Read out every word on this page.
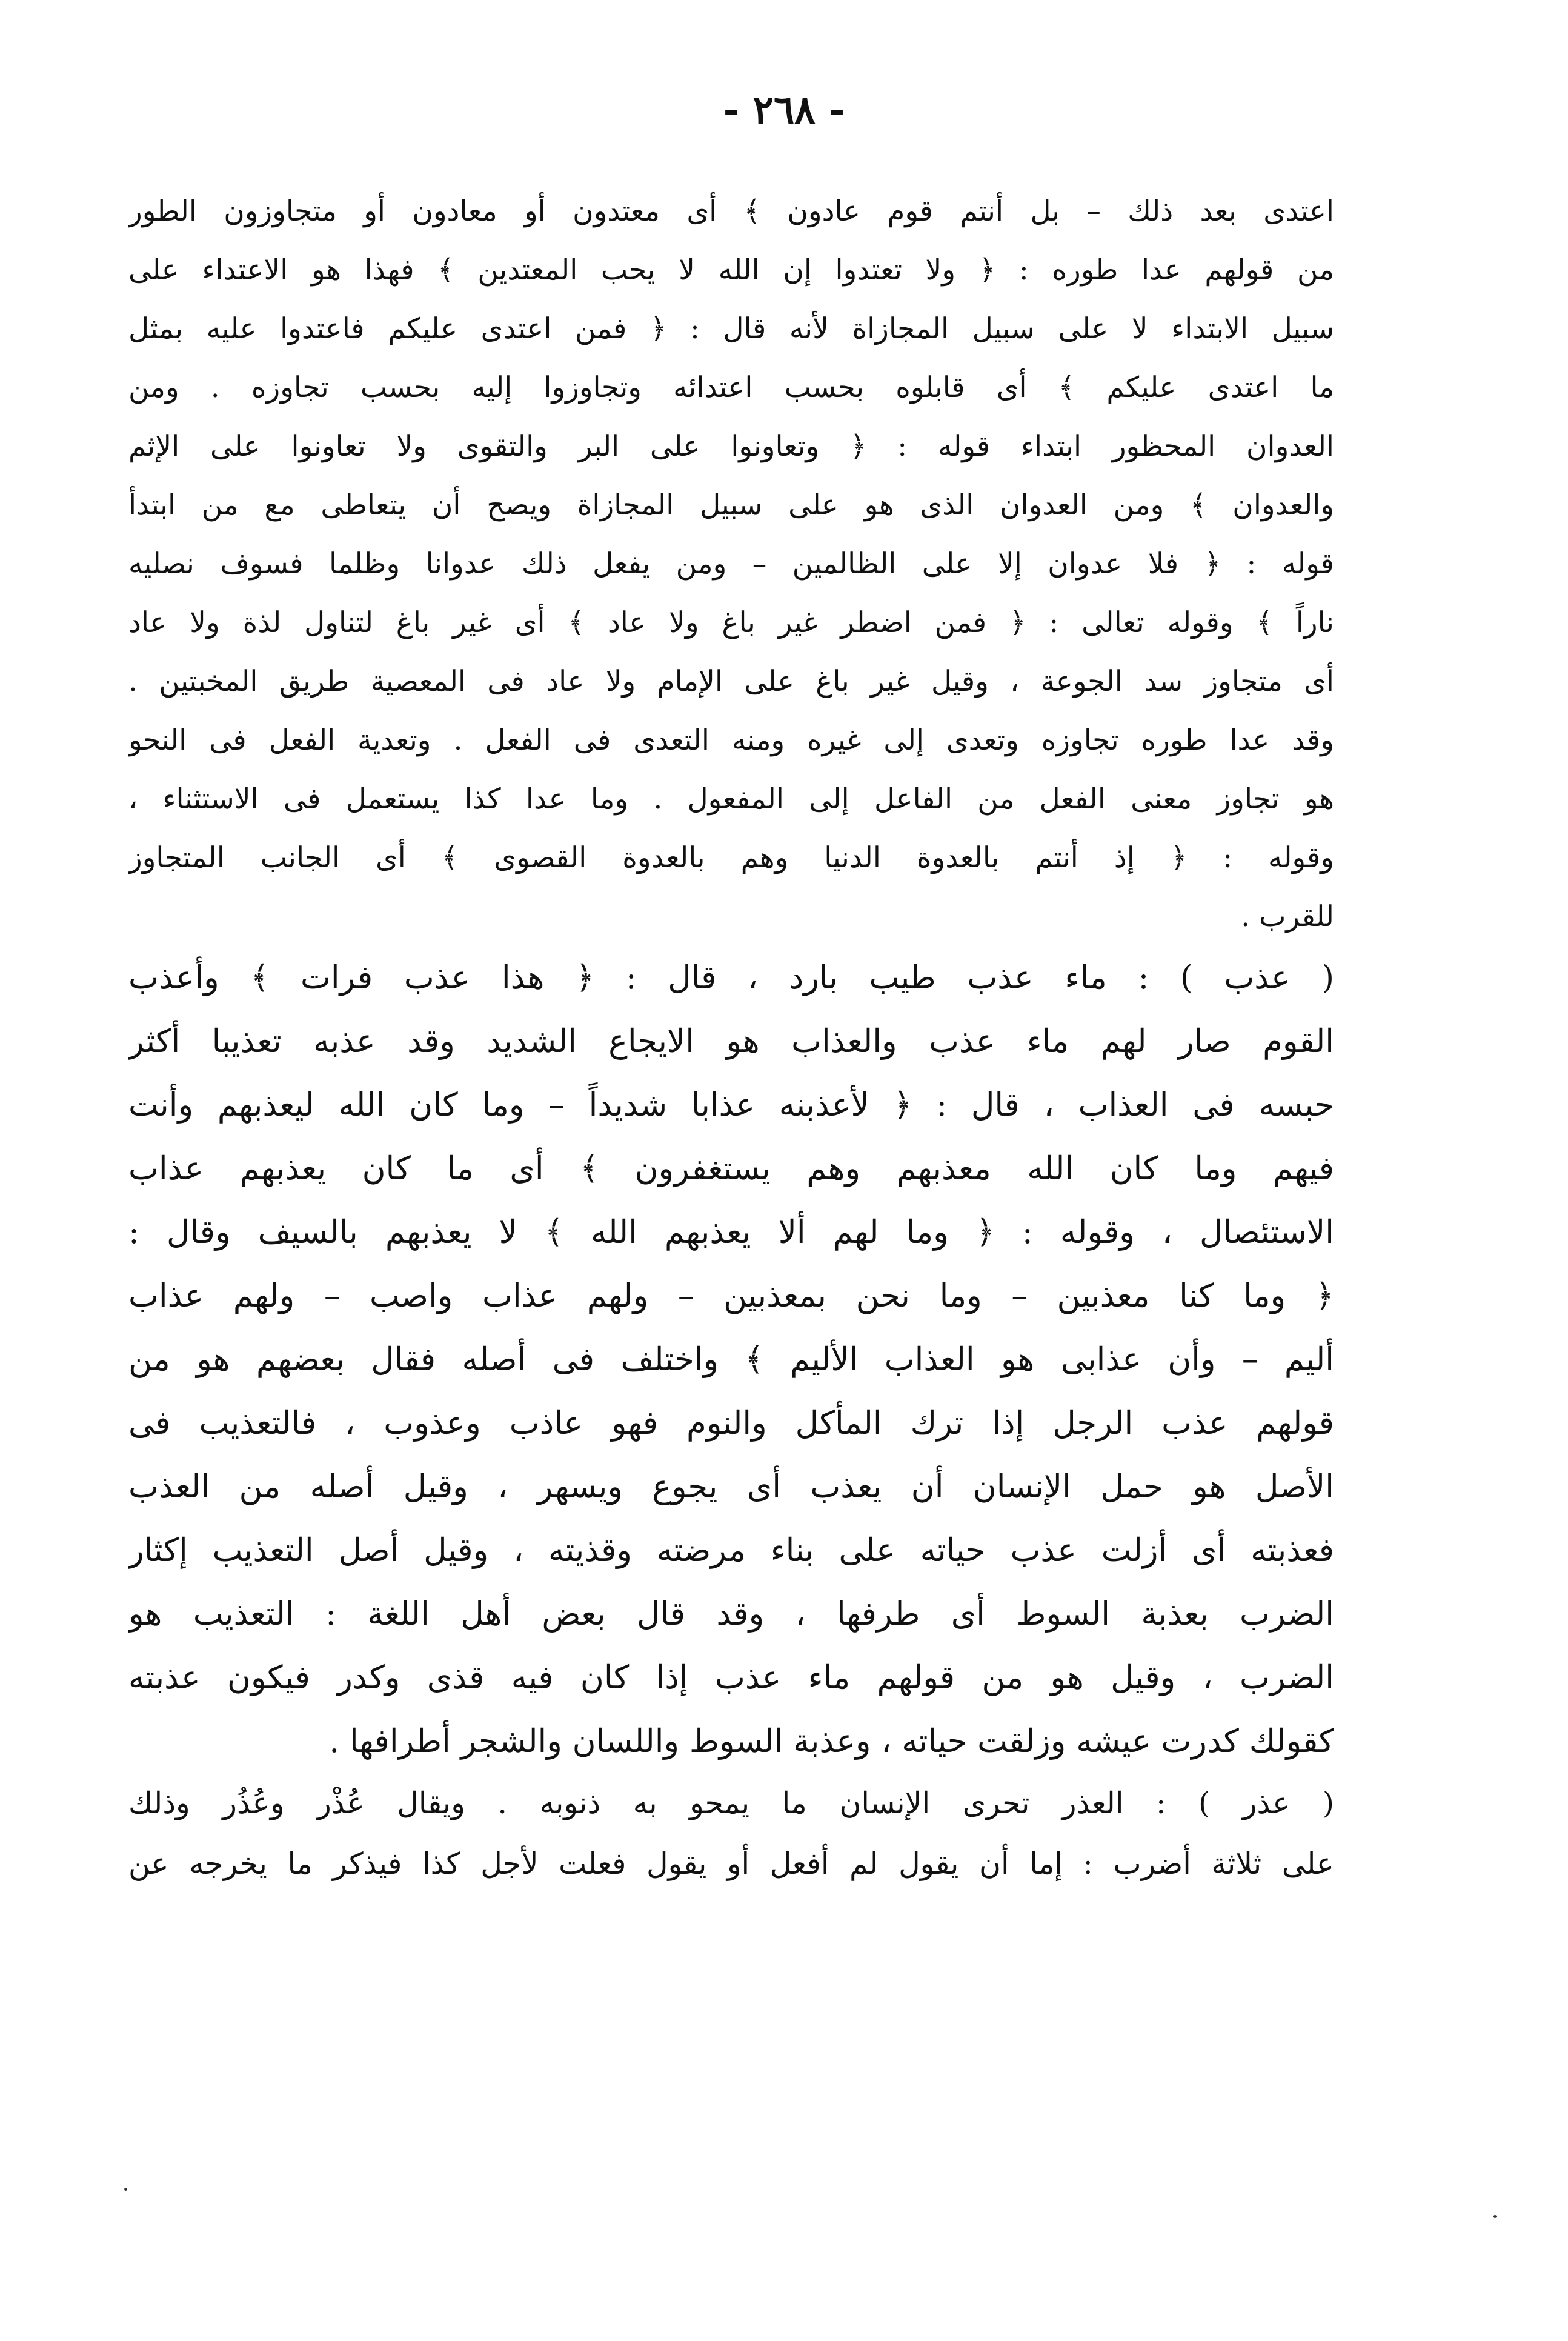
- ٢٦٨ -
اعتدى بعد ذلك – بل أنتم قوم عادون ﴾ أى معتدون أو معادون أو متجاوزون الطور
من قولهم عدا طوره : ﴿ ولا تعتدوا إن الله لا يحب المعتدين ﴾ فهذا هو الاعتداء على
سبيل الابتداء لا على سبيل المجازاة لأنه قال : ﴿ فمن اعتدى عليكم فاعتدوا عليه بمثل
ما اعتدى عليكم ﴾ أى قابلوه بحسب اعتدائه وتجاوزوا إليه بحسب تجاوزه . ومن
العدوان المحظور ابتداء قوله : ﴿ وتعاونوا على البر والتقوى ولا تعاونوا على الإثم
والعدوان ﴾ ومن العدوان الذى هو على سبيل المجازاة ويصح أن يتعاطى مع من ابتدأ
قوله : ﴿ فلا عدوان إلا على الظالمين – ومن يفعل ذلك عدوانا وظلما فسوف نصليه
ناراً ﴾ وقوله تعالى : ﴿ فمن اضطر غير باغ ولا عاد ﴾ أى غير باغ لتناول لذة ولا عاد
أى متجاوز سد الجوعة ، وقيل غير باغ على الإمام ولا عاد فى المعصية طريق المخبتين .
وقد عدا طوره تجاوزه وتعدى إلى غيره ومنه التعدى فى الفعل . وتعدية الفعل فى النحو
هو تجاوز معنى الفعل من الفاعل إلى المفعول . وما عدا كذا يستعمل فى الاستثناء ،
وقوله : ﴿ إذ أنتم بالعدوة الدنيا وهم بالعدوة القصوى ﴾ أى الجانب المتجاوز
للقرب .
( عذب ) : ماء عذب طيب بارد ، قال : ﴿ هذا عذب فرات ﴾ وأعذب
القوم صار لهم ماء عذب والعذاب هو الايجاع الشديد وقد عذبه تعذيبا أكثر
حبسه فى العذاب ، قال : ﴿ لأعذبنه عذابا شديداً – وما كان الله ليعذبهم وأنت
فيهم وما كان الله معذبهم وهم يستغفرون ﴾ أى ما كان يعذبهم عذاب
الاستئصال ، وقوله : ﴿ وما لهم ألا يعذبهم الله ﴾ لا يعذبهم بالسيف وقال :
﴿ وما كنا معذبين – وما نحن بمعذبين – ولهم عذاب واصب – ولهم عذاب
أليم – وأن عذابى هو العذاب الأليم ﴾ واختلف فى أصله فقال بعضهم هو من
قولهم عذب الرجل إذا ترك المأكل والنوم فهو عاذب وعذوب ، فالتعذيب فى
الأصل هو حمل الإنسان أن يعذب أى يجوع ويسهر ، وقيل أصله من العذب
فعذبته أى أزلت عذب حياته على بناء مرضته وقذيته ، وقيل أصل التعذيب إكثار
الضرب بعذبة السوط أى طرفها ، وقد قال بعض أهل اللغة : التعذيب هو
الضرب ، وقيل هو من قولهم ماء عذب إذا كان فيه قذى وكدر فيكون عذبته
كقولك كدرت عيشه وزلقت حياته ، وعذبة السوط واللسان والشجر أطرافها .
( عذر ) : العذر تحرى الإنسان ما يمحو به ذنوبه . ويقال عُذْر وعُذُر وذلك
على ثلاثة أضرب : إما أن يقول لم أفعل أو يقول فعلت لأجل كذا فيذكر ما يخرجه عن
